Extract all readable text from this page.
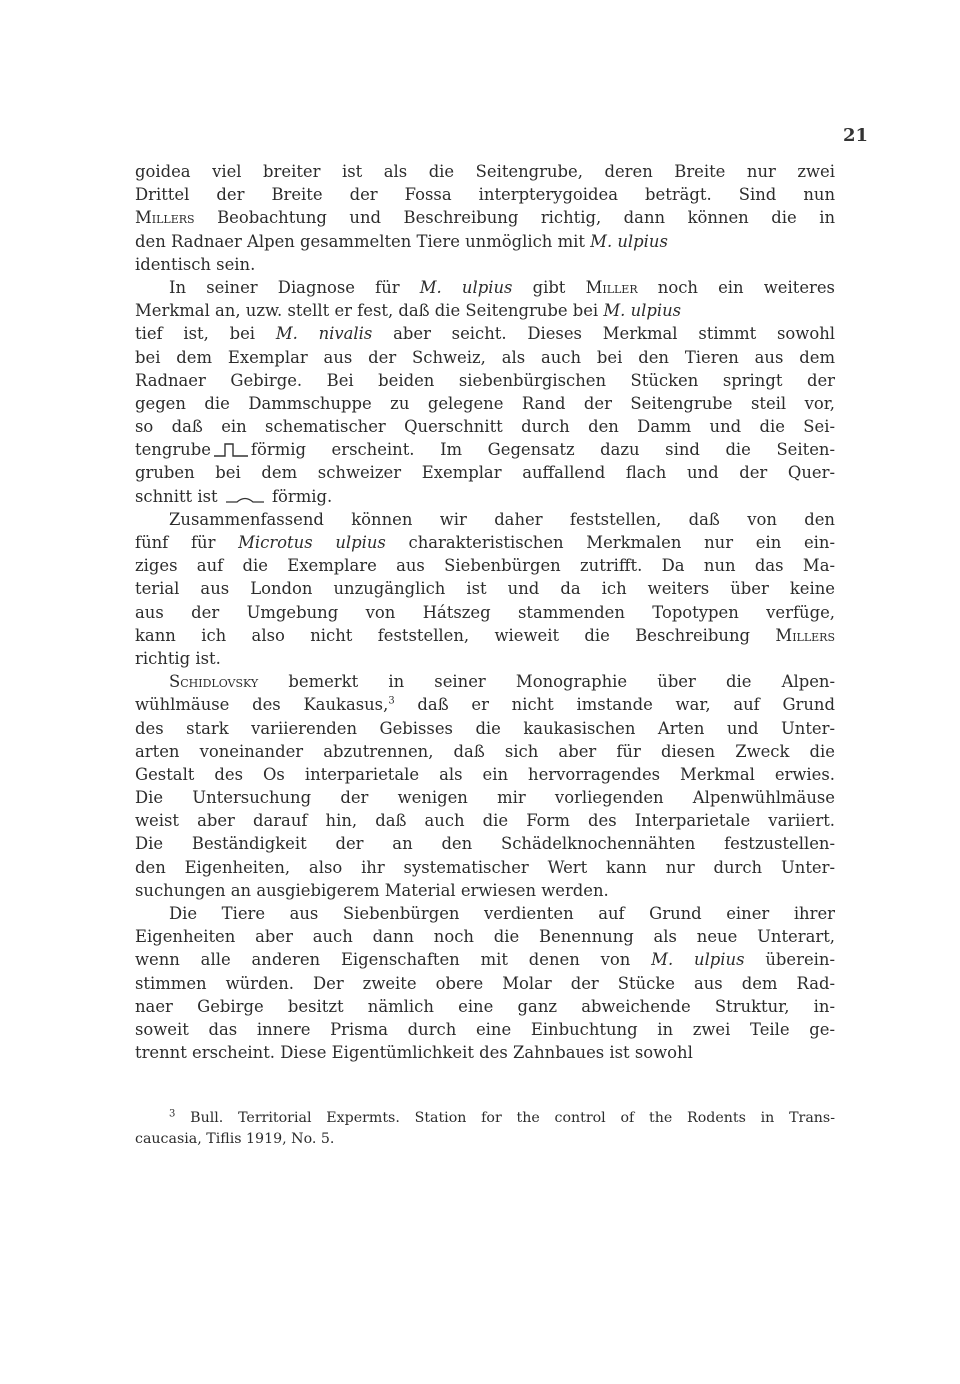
21
goidea viel breiter ist als die Seitengrube, deren Breite nur zwei
Drittel der Breite der Fossa interpterygoidea beträgt. Sind nun
Millers Beobachtung und Beschreibung richtig, dann können die in
den Radnaer Alpen gesammelten Tiere unmöglich mit M. ulpius
identisch sein.
In seiner Diagnose für M. ulpius gibt Miller noch ein weiteres
Merkmal an, uzw. stellt er fest, daß die Seitengrube bei M. ulpius
tief ist, bei M. nivalis aber seicht. Dieses Merkmal stimmt sowohl
bei dem Exemplar aus der Schweiz, als auch bei den Tieren aus dem
Radnaer Gebirge. Bei beiden siebenbürgischen Stücken springt der
gegen die Dammschuppe zu gelegene Rand der Seitengrube steil vor,
so daß ein schematischer Querschnitt durch den Damm und die Sei-
tengrube förmig erscheint. Im Gegensatz dazu sind die Seiten-
gruben bei dem schweizer Exemplar auffallend flach und der Quer-
schnitt ist	förmig.
Zusammenfassend können wir daher feststellen, daß von den
fünf für Microtus ulpius charakteristischen Merkmalen nur ein ein-
ziges auf die Exemplare aus Siebenbürgen zutrifft. Da nun das Ma-
terial aus London unzugänglich ist und da ich weiters über keine
aus der Umgebung von Hátszeg stammenden Topotypen verfüge,
kann ich also nicht feststellen, wieweit die Beschreibung Millers
richtig ist.
Schidlovsky bemerkt in seiner Monographie über die Alpen-
wühlmäuse des Kaukasus,$^3$ daß er nicht imstande war, auf Grund
des stark variierenden Gebisses die kaukasischen Arten und Unter-
arten voneinander abzutrennen, daß sich aber für diesen Zweck die
Gestalt des Os interparietale als ein hervorragendes Merkmal erwies.
Die Untersuchung der wenigen mir vorliegenden Alpenwühlmäuse
weist aber darauf hin, daß auch die Form des Interparietale variiert.
Die Beständigkeit der an den Schädelknochennähten festzustellen-
den Eigenheiten, also ihr systematischer Wert kann nur durch Unter-
suchungen an ausgiebigerem Material erwiesen werden.
Die Tiere aus Siebenbürgen verdienten auf Grund einer ihrer
Eigenheiten aber auch dann noch die Benennung als neue Unterart,
wenn alle anderen Eigenschaften mit denen von M. ulpius überein-
stimmen würden. Der zweite obere Molar der Stücke aus dem Rad-
naer Gebirge besitzt nämlich eine ganz abweichende Struktur, in-
soweit das innere Prisma durch eine Einbuchtung in zwei Teile ge-
trennt erscheint. Diese Eigentümlichkeit des Zahnbaues ist sowohl
$^3$ Bull. Territorial Expermts. Station for the control of the Rodents in Trans-
caucasia, Tiflis 1919, No. 5.
